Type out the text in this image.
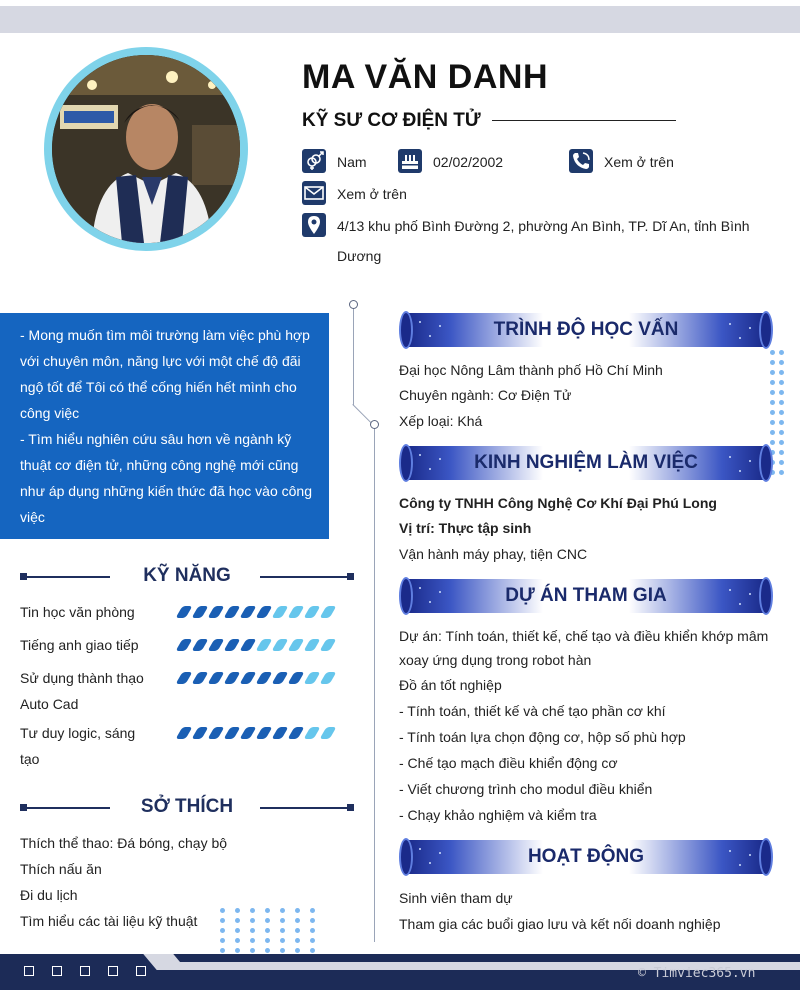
MA VĂN DANH
KỸ SƯ CƠ ĐIỆN TỬ
Nam	02/02/2002	Xem ở trên
Xem ở trên
4/13 khu phố Bình Đường 2, phường An Bình, TP. Dĩ An, tỉnh Bình
Dương
- Mong muốn tìm môi trường làm việc phù hợp
với chuyên môn, năng lực với một chế độ đãi
ngộ tốt để Tôi có thể cống hiến hết mình cho
công việc
- Tìm hiểu nghiên cứu sâu hơn về ngành kỹ
thuật cơ điện tử, những công nghệ mới cũng
như áp dụng những kiến thức đã học vào công
việc
KỸ NĂNG
Tin học văn phòng
Tiếng anh giao tiếp
Sử dụng thành thạo
Auto Cad
Tư duy logic, sáng
tạo
SỞ THÍCH
Thích thể thao: Đá bóng, chạy bộ
Thích nấu ăn
Đi du lịch
Tìm hiểu các tài liệu kỹ thuật
TRÌNH ĐỘ HỌC VẤN
Đại học Nông Lâm thành phố Hồ Chí Minh
Chuyên ngành: Cơ Điện Tử
Xếp loại: Khá
KINH NGHIỆM LÀM VIỆC
Công ty TNHH Công Nghệ Cơ Khí Đại Phú Long
Vị trí: Thực tập sinh
Vận hành máy phay, tiện CNC
DỰ ÁN THAM GIA
Dự án: Tính toán, thiết kế, chế tạo và điều khiển khớp mâm
xoay ứng dụng trong robot hàn
Đồ án tốt nghiệp
- Tính toán, thiết kế và chế tạo phần cơ khí
- Tính toán lựa chọn động cơ, hộp số phù hợp
- Chế tạo mạch điều khiển động cơ
- Viết chương trình cho modul điều khiển
- Chạy khảo nghiệm và kiểm tra
HOẠT ĐỘNG
Sinh viên tham dự
Tham gia các buổi giao lưu và kết nối doanh nghiệp
© Timviec365.vn
